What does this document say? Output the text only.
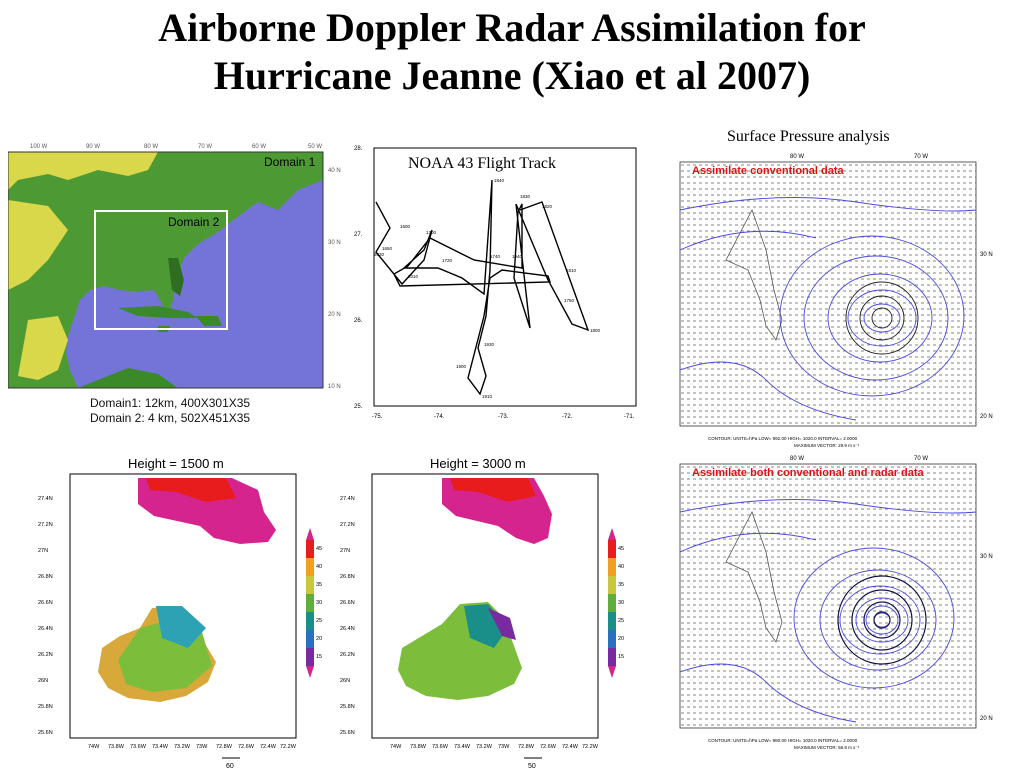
Airborne Doppler Radar Assimilation for
Hurricane Jeanne (Xiao et al 2007)
100 W	90 W	80 W	70 W	60 W	50 W
Domain 1
Domain 2
40 N
30 N
20 N
10 N
Domain1: 12km, 400X301X35
Domain 2: 4 km, 502X451X35
NOAA 43 Flight Track
1600
1650
1700
1720
1740
1750
1800
1810
1820
1830
1840
1900
1910
1930
1940
2010
2030
28.
27.
26.
25.
-75.	-74.	-73.	-72.	-71.
Surface Pressure analysis
80 W	70 W
Assimilate conventional data
30 N
20 N
CONTOUR: UNITS=hPa LOW= 992.00 HIGH= 1020.0 INTERVAL= 2.0000
MAXIMUM VECTOR: 29.9 m s⁻¹
80 W	70 W
Assimilate both conventional and radar data
30 N
20 N
CONTOUR: UNITS=hPa LOW= 980.00 HIGH= 1020.0 INTERVAL= 2.0000
MAXIMUM VECTOR: 56.9 m s⁻¹
Height = 1500 m
27.4N
27.2N
27N
26.8N
26.6N
26.4N
26.2N
26N
25.8N
25.6N
74W 73.8W 73.6W 73.4W 73.2W 73W 72.8W 72.6W 72.4W 72.2W
60
45
40
35
30
25
20
15
Height = 3000 m
27.4N
27.2N
27N
26.8N
26.6N
26.4N
26.2N
26N
25.8N
25.6N
74W 73.8W 73.6W 73.4W 73.2W 73W 72.8W 72.6W 72.4W 72.2W
50
45
40
35
30
25
20
15
